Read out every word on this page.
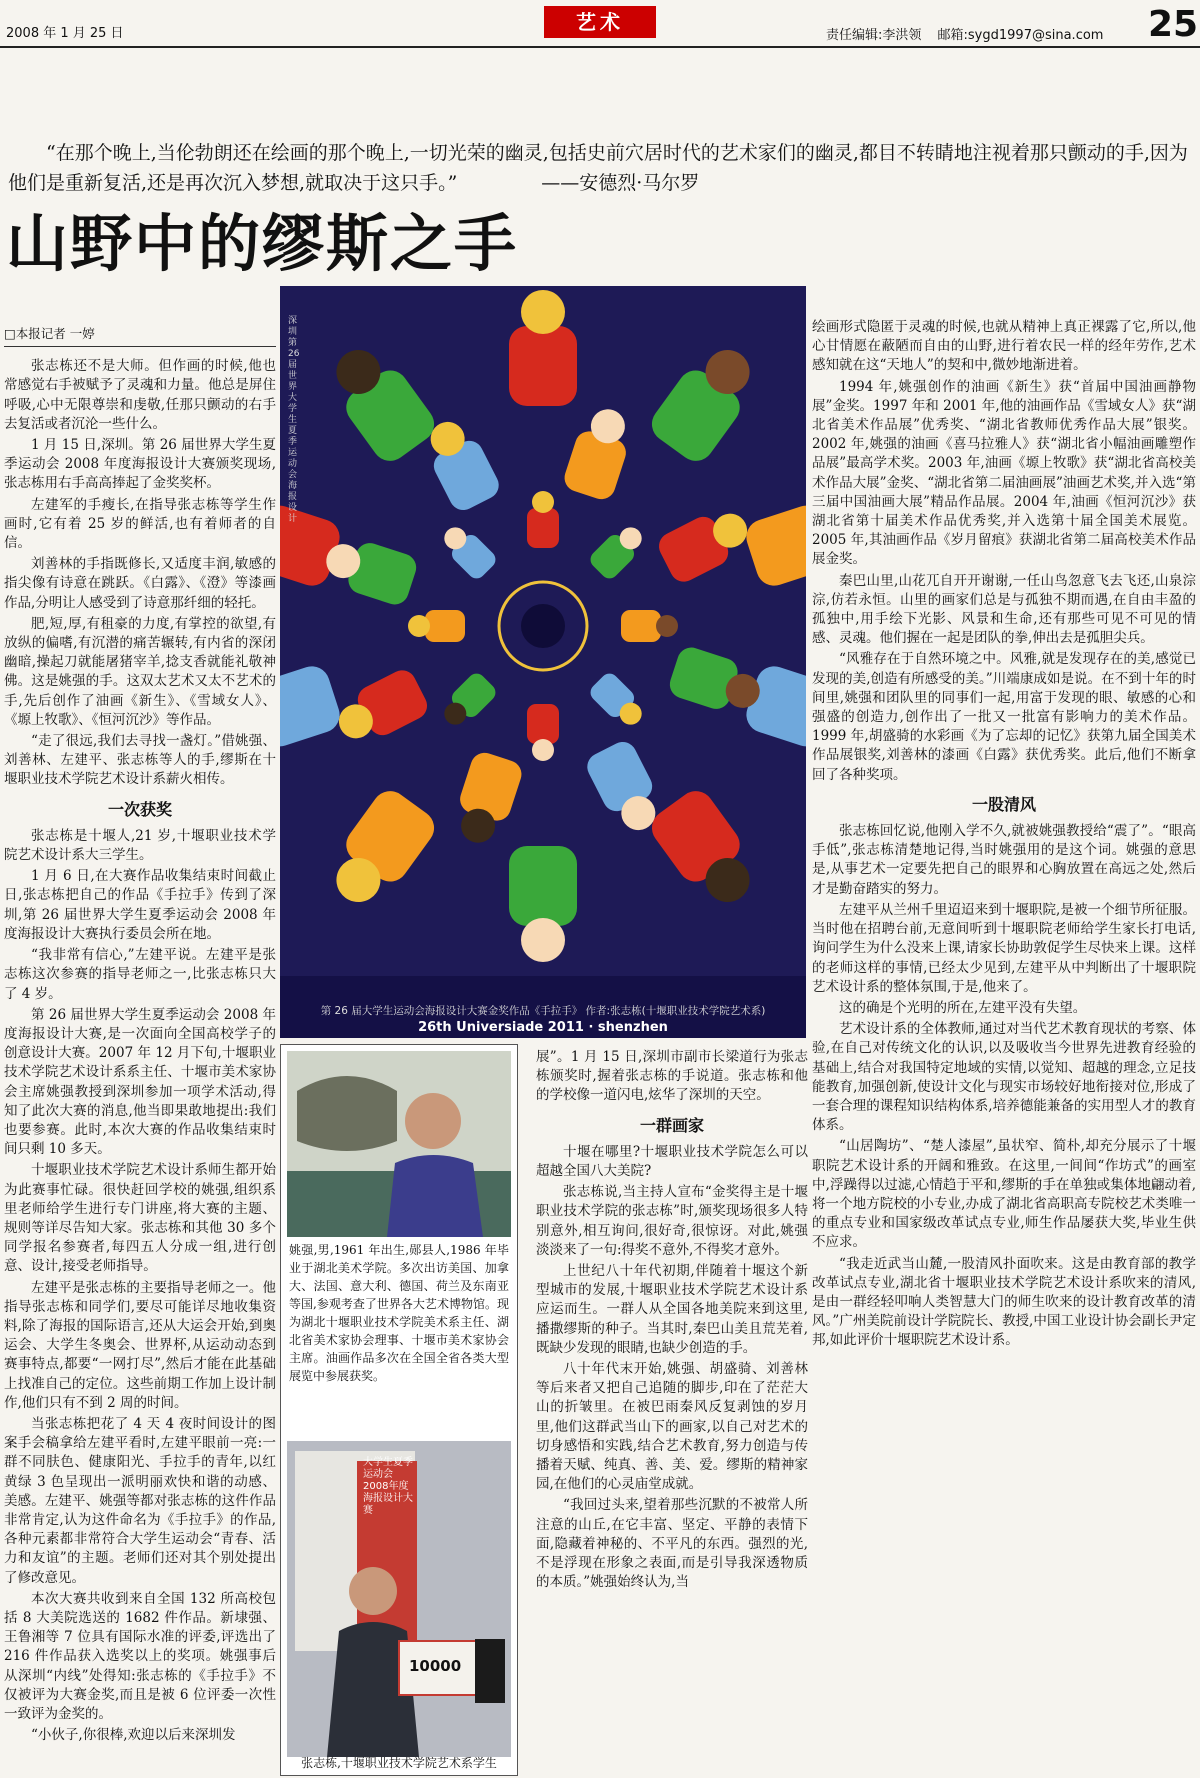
2008 年 1 月 25 日	艺术
责任编辑:李洪领 邮箱:sygd1997@sina.com 25
“在那个晚上,当伦勃朗还在绘画的那个晚上,一切光荣的幽灵,包括史前穴居时代的艺术家们的幽灵,都目不转睛地注视着那只颤动的手,因为他们是重新复活,还是再次沉入梦想,就取决于这只手。”	——安德烈·马尔罗
山野中的缪斯之手
□本报记者 一婷

张志栋还不是大师。但作画的时候,他也常感觉右手被赋予了灵魂和力量。他总是屏住呼吸,心中无限尊崇和虔敬,任那只颤动的右手去复活或者沉沦一些什么。

1 月 15 日,深圳。第 26 届世界大学生夏季运动会 2008 年度海报设计大赛颁奖现场,张志栋用右手高高捧起了金奖奖杯。

左建军的手瘦长,在指导张志栋等学生作画时,它有着 25 岁的鲜活,也有着师者的自信。

刘善林的手指既修长,又适度丰润,敏感的指尖像有诗意在跳跃。《白露》、《澄》等漆画作品,分明让人感受到了诗意那纤细的轻托。

肥,短,厚,有租豪的力度,有掌控的欲望,有放纵的偏嗜,有沉潜的痛苦辗转,有内省的深闭幽暗,操起刀就能屠猪宰羊,捻支香就能礼敬神佛。这是姚强的手。这双太艺术又太不艺术的手,先后创作了油画《新生》、《雪域女人》、《塬上牧歌》、《恒河沉沙》等作品。

“走了很远,我们去寻找一盏灯。”借姚强、刘善林、左建平、张志栋等人的手,缪斯在十堰职业技术学院艺术设计系薪火相传。

一次获奖

张志栋是十堰人,21 岁,十堰职业技术学院艺术设计系大三学生。

1 月 6 日,在大赛作品收集结束时间截止日,张志栋把自己的作品《手拉手》传到了深圳,第 26 届世界大学生夏季运动会 2008 年度海报设计大赛执行委员会所在地。

“我非常有信心,”左建平说。左建平是张志栋这次参赛的指导老师之一,比张志栋只大了 4 岁。

第 26 届世界大学生夏季运动会 2008 年度海报设计大赛,是一次面向全国高校学子的创意设计大赛。2007 年 12 月下旬,十堰职业技术学院艺术设计系系主任、十堰市美术家协会主席姚强教授到深圳参加一项学术活动,得知了此次大赛的消息,他当即果敢地提出:我们也要参赛。此时,本次大赛的作品收集结束时间只剩 10 多天。

十堰职业技术学院艺术设计系师生都开始为此赛事忙碌。很快赶回学校的姚强,组织系里老师给学生进行专门讲座,将大赛的主题、规则等详尽告知大家。张志栋和其他 30 多个同学报名参赛者,每四五人分成一组,进行创意、设计,接受老师指导。

左建平是张志栋的主要指导老师之一。他指导张志栋和同学们,要尽可能详尽地收集资料,除了海报的国际语言,还从大运会开始,到奥运会、大学生冬奥会、世界杯,从运动动态到赛事特点,都要“一网打尽”,然后才能在此基础上找准自己的定位。这些前期工作加上设计制作,他们只有不到 2 周的时间。

当张志栋把花了 4 天 4 夜时间设计的图案手会稿拿给左建平看时,左建平眼前一亮:一群不同肤色、健康阳光、手拉手的青年,以红黄绿 3 色呈现出一派明丽欢快和谐的动感、美感。左建平、姚强等都对张志栋的这件作品非常肯定,认为这件命名为《手拉手》的作品,各种元素都非常符合大学生运动会“青春、活力和友谊”的主题。老师们还对其个别处提出了修改意见。

本次大赛共收到来自全国 132 所高校包括 8 大美院选送的 1682 件作品。新埭强、王鲁湘等 7 位具有国际水准的评委,评选出了 216 件作品获入选奖以上的奖项。姚强事后从深圳“内线”处得知:张志栋的《手拉手》不仅被评为大赛金奖,而且是被 6 位评委一次性一致评为金奖的。

“小伙子,你很棒,欢迎以后来深圳发

深圳第26届世界大学生夏季运动会海报设计
第 26 届大学生运动会海报设计大赛金奖作品《手拉手》 作者:张志栋(十堰职业技术学院艺术系)
26th Universiade 2011 · shenzhen
姚强,男,1961 年出生,郧县人,1986 年毕业于湖北美术学院。多次出访美国、加拿大、法国、意大利、德国、荷兰及东南亚等国,参观考查了世界各大艺术博物馆。现为湖北十堰职业技术学院美术系主任、湖北省美术家协会理事、十堰市美术家协会主席。油画作品多次在全国全省各类大型展览中参展获奖。
大学生夏季运动会 2008年度 海报设计大赛
10000
张志栋,十堰职业技术学院艺术系学生

展”。1 月 15 日,深圳市副市长梁道行为张志栋颁奖时,握着张志栋的手说道。张志栋和他的学校像一道闪电,炫华了深圳的天空。

一群画家

十堰在哪里?十堰职业技术学院怎么可以超越全国八大美院?

张志栋说,当主持人宣布“金奖得主是十堰职业技术学院的张志栋”时,颁奖现场很多人特别意外,相互询问,很好奇,很惊讶。对此,姚强淡淡来了一句:得奖不意外,不得奖才意外。

上世纪八十年代初期,伴随着十堰这个新型城市的发展,十堰职业技术学院艺术设计系应运而生。一群人从全国各地美院来到这里,播撒缪斯的种子。当其时,秦巴山美且荒芜着,既缺少发现的眼睛,也缺少创造的手。

八十年代末开始,姚强、胡盛骑、刘善林等后来者又把自己追随的脚步,印在了茫茫大山的折皱里。在被巴雨秦风反复剥蚀的岁月里,他们这群武当山下的画家,以自己对艺术的切身感悟和实践,结合艺术教育,努力创造与传播着天赋、纯真、善、美、爱。缪斯的精神家园,在他们的心灵庙堂成就。

“我回过头来,望着那些沉默的不被常人所注意的山丘,在它丰富、坚定、平静的表情下面,隐藏着神秘的、不平凡的东西。强烈的光,不是浮现在形象之表面,而是引导我深透物质的本质。”姚强始终认为,当

绘画形式隐匿于灵魂的时候,也就从精神上真正裸露了它,所以,他心甘情愿在蔽陋而自由的山野,进行着农民一样的经年劳作,艺术感知就在这“天地人”的契和中,微妙地渐进着。

1994 年,姚强创作的油画《新生》获“首届中国油画静物展”金奖。1997 年和 2001 年,他的油画作品《雪域女人》获“湖北省美术作品展”优秀奖、“湖北省教师优秀作品大展”银奖。2002 年,姚强的油画《喜马拉雅人》获“湖北省小幅油画雕塑作品展”最高学术奖。2003 年,油画《塬上牧歌》获“湖北省高校美术作品大展”金奖、“湖北省第二届油画展”油画艺术奖,并入选“第三届中国油画大展”精品作品展。2004 年,油画《恒河沉沙》获湖北省第十届美术作品优秀奖,并入选第十届全国美术展览。2005 年,其油画作品《岁月留痕》获湖北省第二届高校美术作品展金奖。

秦巴山里,山花兀自开开谢谢,一任山鸟忽意飞去飞还,山泉淙淙,仿若永恒。山里的画家们总是与孤独不期而遇,在自由丰盈的孤独中,用手绘下光影、风景和生命,还有那些可见不可见的情感、灵魂。他们握在一起是团队的拳,伸出去是孤胆尖兵。

“风雅存在于自然环境之中。风雅,就是发现存在的美,感觉已发现的美,创造有所感受的美。”川端康成如是说。在不到十年的时间里,姚强和团队里的同事们一起,用富于发现的眼、敏感的心和强盛的创造力,创作出了一批又一批富有影响力的美术作品。1999 年,胡盛骑的水彩画《为了忘却的记忆》获第九届全国美术作品展银奖,刘善林的漆画《白露》获优秀奖。此后,他们不断拿回了各种奖项。

一股清风

张志栋回忆说,他刚入学不久,就被姚强教授给“震了”。“眼高手低”,张志栋清楚地记得,当时姚强用的是这个词。姚强的意思是,从事艺术一定要先把自己的眼界和心胸放置在高远之处,然后才是勤奋踏实的努力。

左建平从兰州千里迢迢来到十堰职院,是被一个细节所征服。当时他在招聘台前,无意间听到十堰职院老师给学生家长打电话,询问学生为什么没来上课,请家长协助敦促学生尽快来上课。这样的老师这样的事情,已经太少见到,左建平从中判断出了十堰职院艺术设计系的整体氛围,于是,他来了。

这的确是个光明的所在,左建平没有失望。

艺术设计系的全体教师,通过对当代艺术教育现状的考察、体验,在自己对传统文化的认识,以及吸收当今世界先进教育经验的基础上,结合对我国特定地域的实情,以觉知、超越的理念,立足技能教育,加强创新,使设计文化与现实市场较好地衔接对位,形成了一套合理的课程知识结构体系,培养德能兼备的实用型人才的教育体系。

“山居陶坊”、“楚人漆屋”,虽状窄、简朴,却充分展示了十堰职院艺术设计系的开阔和雅致。在这里,一间间“作坊式”的画室中,浮躁得以过滤,心情趋于平和,缪斯的手在单独或集体地翩动着,将一个地方院校的小专业,办成了湖北省高职高专院校艺术类唯一的重点专业和国家级改革试点专业,师生作品屡获大奖,毕业生供不应求。

“我走近武当山麓,一股清风扑面吹来。这是由教育部的教学改革试点专业,湖北省十堰职业技术学院艺术设计系吹来的清风,是由一群经轻叩响人类智慧大门的师生吹来的设计教育改革的清风。”广州美院前设计学院院长、教授,中国工业设计协会副长尹定邦,如此评价十堰职院艺术设计系。
